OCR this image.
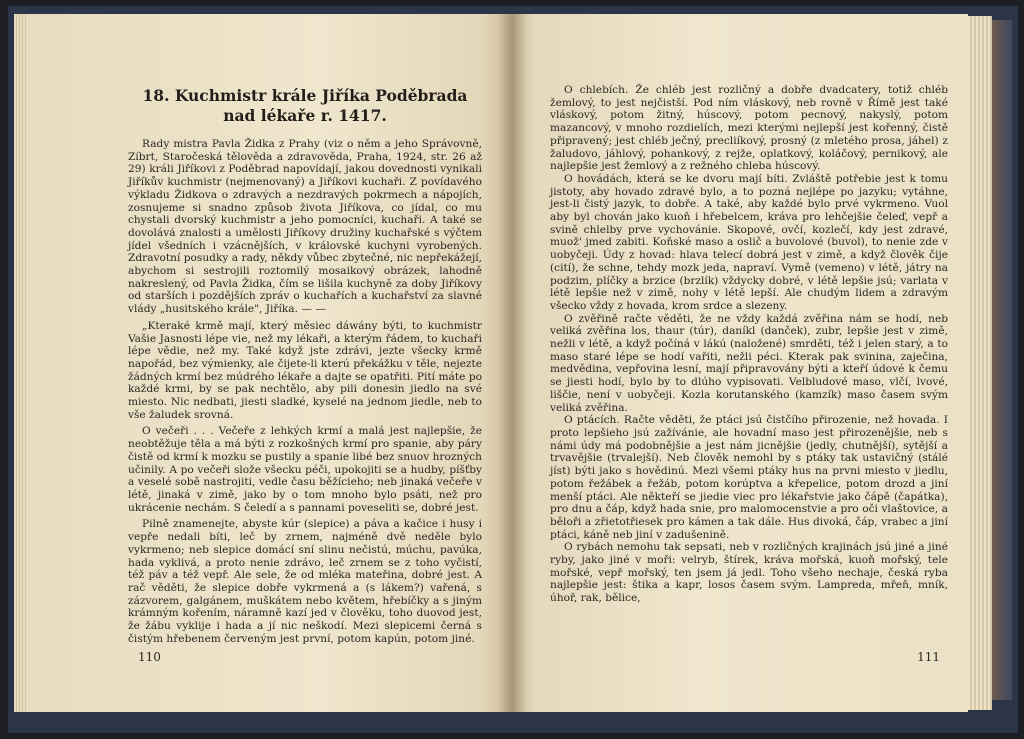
18. Kuchmistr krále Jiříka Poděbrada nad lékaře r. 1417.

Rady mistra Pavla Židka z Prahy (viz o něm a jeho Správovně, Zíbrt, Staročeská tělověda a zdravověda, Praha, 1924, str. 26 až 29) králi Jiříkovi z Poděbrad napovídají, jakou dovednosti vynikali Jiříkův kuchmistr (nejmenovaný) a Jiříkovi kuchaři. Z povídavého výkladu Židkova o zdravých a nezdravých pokrmech a nápojích, zosnujeme si snadno způsob života Jiříkova, co jídal, co mu chystali dvorský kuchmistr a jeho pomocníci, kuchaři. A také se dovolává znalosti a umělosti Jiříkovy družiny kuchařské s výčtem jídel všedních i vzácnějších, v královské kuchyni vyrobených. Zdravotní posudky a rady, někdy vůbec zbytečné, nic nepřekážejí, abychom si sestrojili roztomilý mosaikový obrázek, lahodně nakreslený, od Pavla Židka, čím se lišila kuchyně za doby Jiříkovy od starších i pozdějších zpráv o kuchařích a kuchařství za slavné vlády „husitského krále", Jiříka. — —

„Kteraké krmě mají, který měsiec dáwány býti, to kuchmistr Vašie Jasnosti lépe vie, než my lékaři, a kterým řádem, to kuchaři lépe vědie, než my. Také když jste zdrávi, jezte všecky krmě napořád, bez výmienky, ale čijete-li kterú překážku v těle, nejezte žádných krmí bez múdrého lékaře a dajte se opatřiti. Pití máte po každé krmi, by se pak nechtělo, aby pili donesin jiedlo na své miesto. Nic nedbati, jiesti sladké, kyselé na jednom jiedle, neb to vše žaludek srovná.

O večeři . . . Večeře z lehkých krmí a malá jest najlepšie, že neobtěžuje těla a má býti z rozkošných krmí pro spanie, aby páry čistě od krmí k mozku se pustily a spanie libé bez snuov hrozných učinily. A po večeři slože všecku péči, upokojiti se a hudby, píšťby a veselé sobě nastrojiti, vedle času běžícieho; neb jinaká večeře v létě, jinaká v zimě, jako by o tom mnoho bylo psáti, než pro ukrácenie nechám. S čeledí a s pannami poveseliti se, dobré jest.

Pilně znamenejte, abyste kúr (slepice) a páva a kačice i husy i vepře nedali bíti, leč by zrnem, najméně dvě neděle bylo vykrmeno; neb slepice domácí sní slinu nečistú, múchu, pavúka, hada vyklivá, a proto nenie zdrávo, leč zrnem se z toho vyčistí, též páv a též vepř. Ale sele, že od mléka mateřina, dobré jest. A rač věděti, že slepice dobře vykrmená a (s lákem?) vařená, s zázvorem, galgánem, muškátem nebo květem, hřebíčky a s jiným krámným kořením, náramně kazí jed v člověku, toho duovod jest, že žábu vyklije i hada a jí nic neškodí. Mezi slepicemi černá s čistým hřebenem červeným jest první, potom kapún, potom jiné.

110

O chlebích. Že chléb jest rozličný a dobře dvadcatery, totiž chléb žemlový, to jest nejčistší. Pod ním vláskový, neb rovně v Římě jest také vláskový, potom žitný, húscový, potom pecnový, nakyslý, potom mazancový, v mnoho rozdielích, mezi kterými nejlepší jest kořenný, čistě připravený; jest chléb ječný, precliíkový, prosný (z mletého prosa, jáhel) z žaludovo, jáhlový, pohankový, z rejže, oplatkový, koláčový, pernikový, ale najlepšie jest žemlový a z režného chleba húscový.

O hovádách, která se ke dvoru mají bíti. Zvláště potřebie jest k tomu jistoty, aby hovado zdravé bylo, a to pozná nejlépe po jazyku; vytáhne, jest-li čistý jazyk, to dobře. A také, aby každé bylo prvé vykrmeno. Vuol aby byl chován jako kuoň i hřebelcem, kráva pro lehčejšie čeleď, vepř a svině chlelby prve vychovánie. Skopové, ovčí, kozlečí, kdy jest zdravé, muož' jmed zabiti. Koňské maso a oslič a buvolové (buvol), to nenie zde v uobyčeji. Údy z hovad: hlava telecí dobrá jest v zimě, a když člověk čije (cití), že schne, tehdy mozk jeda, napraví. Vymě (vemeno) v létě, játry na podzim, plíčky a brzice (brzlík) vždycky dobré, v létě lepšie jsú; varlata v létě lepšie než v zimě, nohy v létě lepší. Ale chudým lidem a zdravým všecko vždy z hovada, krom srdce a slezeny.

O zvěřině račte věděti, že ne vždy každá zvěřina nám se hodí, neb veliká zvěřina los, thaur (túr), daníkl (danček), zubr, lepšie jest v zimě, nežli v létě, a když počíná v lákú (naložené) smrděti, též i jelen starý, a to maso staré lépe se hodí vařiti, nežli péci. Kterak pak svinina, zaječina, medvědina, vepřovina lesní, mají připravovány býti a kteří údové k čemu se jiesti hodí, bylo by to dlúho vypisovati. Velbludové maso, vlčí, lvové, liščie, není v uobyčeji. Kozla korutanského (kamzík) maso časem svým veliká zvěřina.

O ptácích. Račte věděti, že ptáci jsú čistčího přirozenie, než hovada. I proto lepšieho jsú zažívánie, ale hovadní maso jest přirozenějšie, neb s námi údy má podobnějšie a jest nám jicnějšie (jedly, chutnější), sytější a trvavějšie (trvalejší). Neb člověk nemohl by s ptáky tak ustavičný (stálé jíst) býti jako s hovědinú. Mezi všemi ptáky hus na prvni miesto v jiedlu, potom řežábek a řežáb, potom korúptva a křepelice, potom drozd a jiní menší ptáci. Ale někteří se jiedie viec pro lékařstvie jako čápě (čapátka), pro dnu a čáp, když hada snie, pro malomocenstvie a pro oči vlaštovice, a běloři a zřietotřiesek pro kámen a tak dále. Hus divoká, čáp, vrabec a jiní ptáci, káně neb jiní v zadušenině.

O rybách nemohu tak sepsati, neb v rozličných krajinách jsú jiné a jiné ryby, jako jiné v moři: velryb, štírek, kráva mořská, kuoň mořský, tele mořské, vepř mořský, ten jsem já jedl. Toho všeho nechaje, česká ryba najlepšie jest: štika a kapr, losos časem svým. Lampreda, mřeň, mník, úhoř, rak, bělice,

111
